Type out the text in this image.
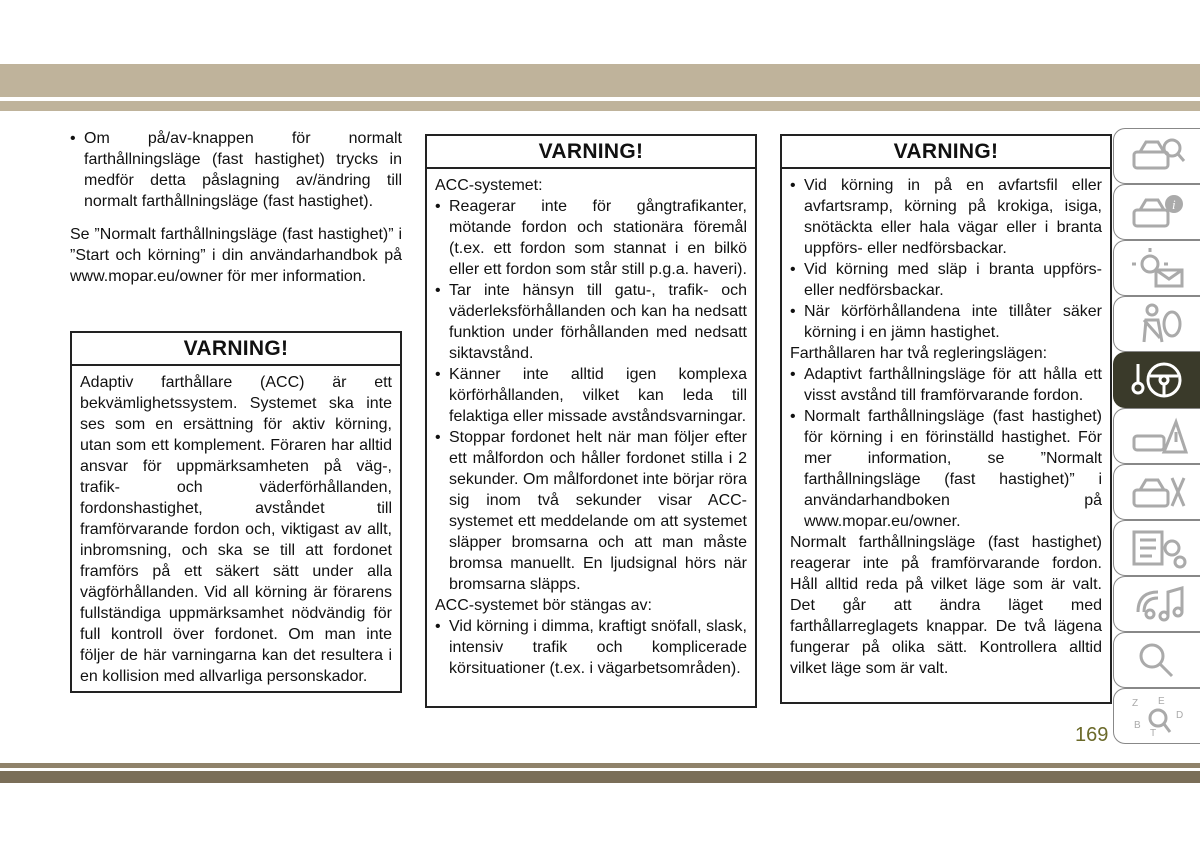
• Om på/av-knappen för normalt farthållningsläge (fast hastighet) trycks in medför detta påslagning av/ändring till normalt farthållningsläge (fast hastighet).

Se ”Normalt farthållningsläge (fast hastighet)” i ”Start och körning” i din användarhandbok på www.mopar.eu/owner för mer information.

VARNING!

Adaptiv farthållare (ACC) är ett bekvämlighetssystem. Systemet ska inte ses som en ersättning för aktiv körning, utan som ett komplement. Föraren har alltid ansvar för uppmärksamheten på väg-, trafik- och väderförhållanden, fordonshastighet, avståndet till framförvarande fordon och, viktigast av allt, inbromsning, och ska se till att fordonet framförs på ett säkert sätt under alla vägförhållanden. Vid all körning är förarens fullständiga uppmärksamhet nödvändig för full kontroll över fordonet. Om man inte följer de här varningarna kan det resultera i en kollision med allvarliga personskador.

VARNING!

ACC-systemet:

• Reagerar inte för gångtrafikanter, mötande fordon och stationära föremål (t.ex. ett fordon som stannat i en bilkö eller ett fordon som står still p.g.a. haveri).
• Tar inte hänsyn till gatu-, trafik- och väderleksförhållanden och kan ha nedsatt funktion under förhållanden med nedsatt siktavstånd.
• Känner inte alltid igen komplexa körförhållanden, vilket kan leda till felaktiga eller missade avståndsvarningar.
• Stoppar fordonet helt när man följer efter ett målfordon och håller fordonet stilla i 2 sekunder. Om målfordonet inte börjar röra sig inom två sekunder visar ACC-systemet ett meddelande om att systemet släpper bromsarna och att man måste bromsa manuellt. En ljudsignal hörs när bromsarna släpps.

ACC-systemet bör stängas av:

• Vid körning i dimma, kraftigt snöfall, slask, intensiv trafik och komplicerade körsituationer (t.ex. i vägarbetsområden).
VARNING!
• Vid körning in på en avfartsfil eller avfartsramp, körning på krokiga, isiga, snötäckta eller hala vägar eller i branta uppförs- eller nedförsbackar.
• Vid körning med släp i branta uppförs- eller nedförsbackar.
• När körförhållandena inte tillåter säker körning i en jämn hastighet.

Farthållaren har två regleringslägen:

• Adaptivt farthållningsläge för att hålla ett visst avstånd till framförvarande fordon.
• Normalt farthållningsläge (fast hastighet) för körning i en förinställd hastighet. För mer information, se ”Normalt farthållningsläge (fast hastighet)” i användarhandboken på www.mopar.eu/owner.

Normalt farthållningsläge (fast hastighet) reagerar inte på framförvarande fordon. Håll alltid reda på vilket läge som är valt. Det går att ändra läget med farthållarreglagets knappar. De två lägena fungerar på olika sätt. Kontrollera alltid vilket läge som är valt.

i
Z E
D
B
T
169
